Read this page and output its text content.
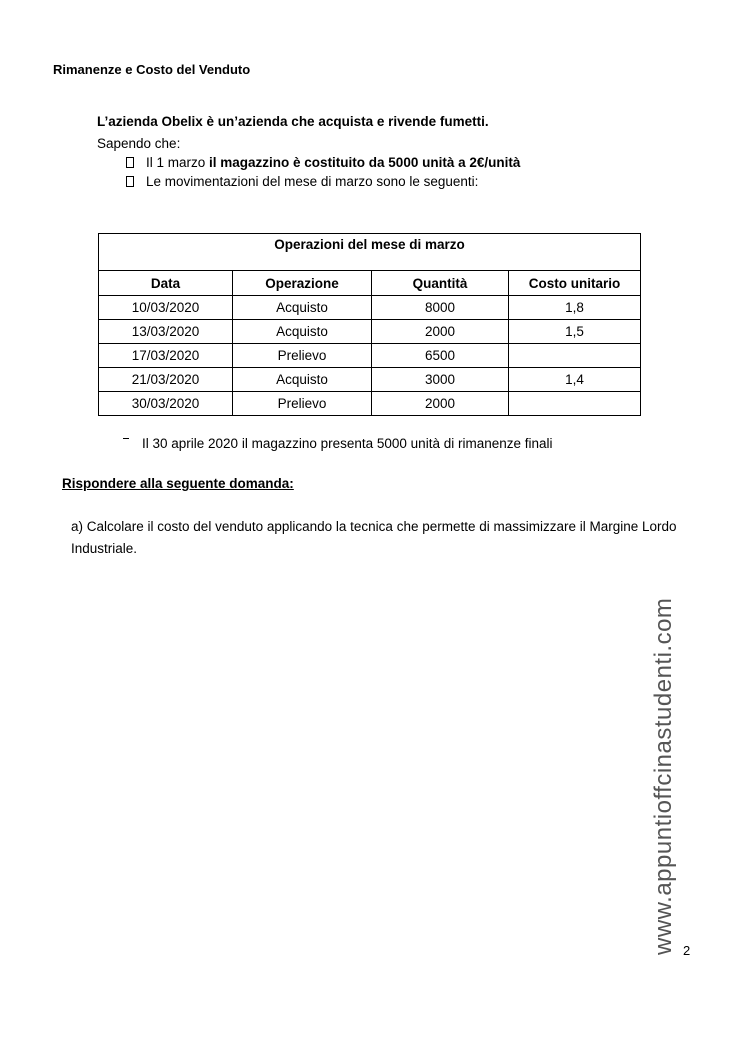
Rimanenze e Costo del Venduto
L’azienda Obelix è un’azienda che acquista e rivende fumetti.
Sapendo che:
Il 1 marzo il magazzino è costituito da 5000 unità a 2€/unità
Le movimentazioni del mese di marzo sono le seguenti:
Operazioni del mese di marzo			
Data	Operazione	Quantità	Costo unitario
10/03/2020	Acquisto	8000	1,8
13/03/2020	Acquisto	2000	1,5
17/03/2020	Prelievo	6500	
21/03/2020	Acquisto	3000	1,4
30/03/2020	Prelievo	2000	
Il 30 aprile 2020 il magazzino presenta 5000 unità di rimanenze finali
Rispondere alla seguente domanda:
a) Calcolare il costo del venduto applicando la tecnica che permette di massimizzare il Margine Lordo Industriale.
www.appuntioffcinastudenti.com 2
